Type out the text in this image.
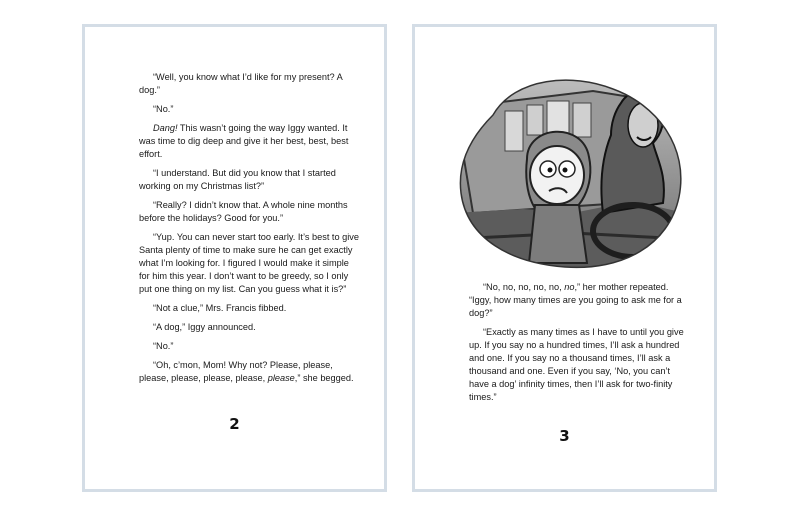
“Well, you know what I’d like for my present? A dog.”

“No.”

Dang! This wasn’t going the way Iggy wanted. It was time to dig deep and give it her best, best, best effort.

“I understand. But did you know that I started working on my Christmas list?”

“Really? I didn’t know that. A whole nine months before the holidays? Good for you.”

“Yup. You can never start too early. It’s best to give Santa plenty of time to make sure he can get exactly what I’m looking for. I figured I would make it simple for him this year. I don’t want to be greedy, so I only put one thing on my list. Can you guess what it is?”

“Not a clue,” Mrs. Francis fibbed.

“A dog,” Iggy announced.

“No.”

“Oh, c’mon, Mom! Why not? Please, please, please, please, please, please, please,” she begged.

2

“No, no, no, no, no, no,” her mother repeated. “Iggy, how many times are you going to ask me for a dog?”

“Exactly as many times as I have to until you give up. If you say no a hundred times, I’ll ask a hundred and one. If you say no a thousand times, I’ll ask a thousand and one. Even if you say, ‘No, you can’t have a dog’ infinity times, then I’ll ask for two-finity times.”

3
